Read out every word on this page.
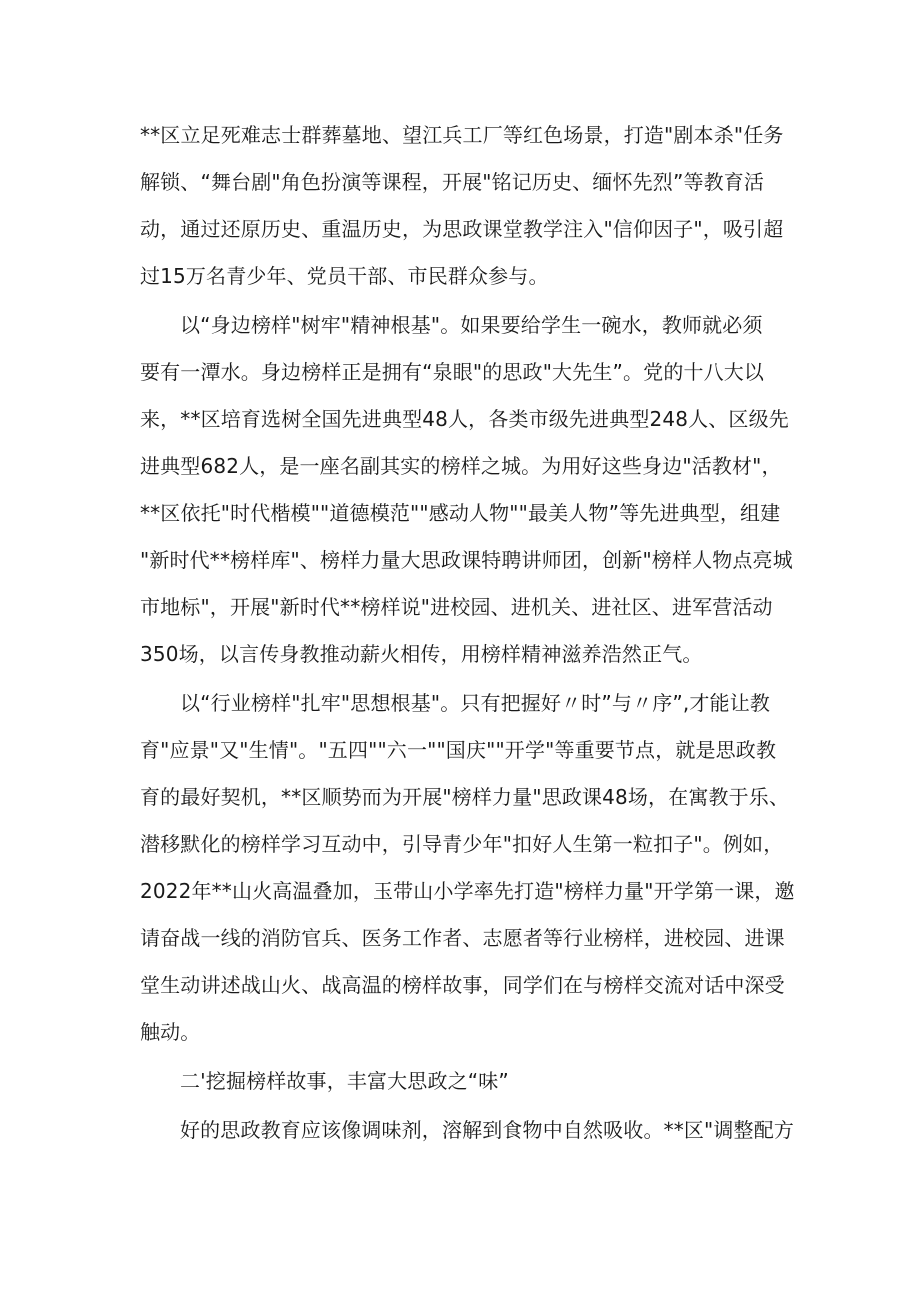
**区立足死难志士群葬墓地、望江兵工厂等红色场景，打造"剧本杀"任务
解锁、“舞台剧"角色扮演等课程，开展"铭记历史、缅怀先烈”等教育活
动，通过还原历史、重温历史，为思政课堂教学注入"信仰因子"，吸引超
过15万名青少年、党员干部、市民群众参与。
以“身边榜样"树牢"精神根基"。如果要给学生一碗水，教师就必须
要有一潭水。身边榜样正是拥有“泉眼"的思政"大先生”。党的十八大以
来，**区培育选树全国先进典型48人，各类市级先进典型248人、区级先
进典型682人，是一座名副其实的榜样之城。为用好这些身边"活教材"，
**区依托"时代楷模""道德模范""感动人物""最美人物”等先进典型，组建
"新时代**榜样库"、榜样力量大思政课特聘讲师团，创新"榜样人物点亮城
市地标"，开展"新时代**榜样说"进校园、进机关、进社区、进军营活动
350场，以言传身教推动薪火相传，用榜样精神滋养浩然正气。
以“行业榜样"扎牢"思想根基"。只有把握好〃时”与〃序”,才能让教
育"应景"又"生情"。"五四""六一""国庆""开学"等重要节点，就是思政教
育的最好契机，**区顺势而为开展"榜样力量"思政课48场，在寓教于乐、
潜移默化的榜样学习互动中，引导青少年"扣好人生第一粒扣子"。例如，
2022年**山火高温叠加，玉带山小学率先打造"榜样力量"开学第一课，邀
请奋战一线的消防官兵、医务工作者、志愿者等行业榜样，进校园、进课
堂生动讲述战山火、战高温的榜样故事，同学们在与榜样交流对话中深受
触动。
二'挖掘榜样故事，丰富大思政之“味”
好的思政教育应该像调味剂，溶解到食物中自然吸收。**区"调整配方
